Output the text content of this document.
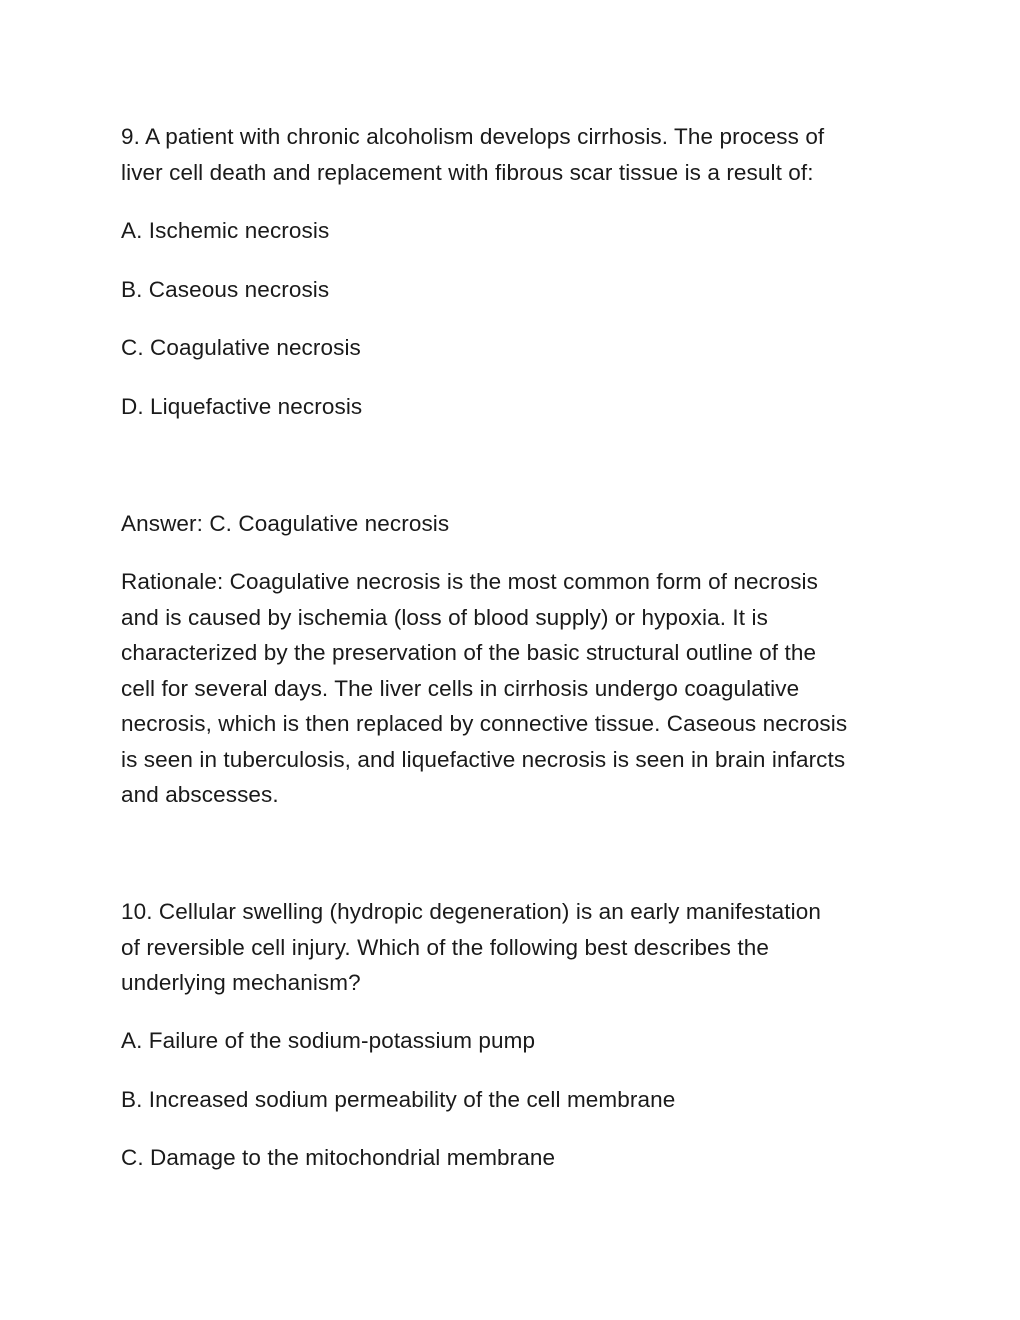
9. A patient with chronic alcoholism develops cirrhosis. The process of
liver cell death and replacement with fibrous scar tissue is a result of:
A. Ischemic necrosis
B. Caseous necrosis
C. Coagulative necrosis
D. Liquefactive necrosis
Answer: C. Coagulative necrosis
Rationale: Coagulative necrosis is the most common form of necrosis
and is caused by ischemia (loss of blood supply) or hypoxia. It is
characterized by the preservation of the basic structural outline of the
cell for several days. The liver cells in cirrhosis undergo coagulative
necrosis, which is then replaced by connective tissue. Caseous necrosis
is seen in tuberculosis, and liquefactive necrosis is seen in brain infarcts
and abscesses.
10. Cellular swelling (hydropic degeneration) is an early manifestation
of reversible cell injury. Which of the following best describes the
underlying mechanism?
A. Failure of the sodium-potassium pump
B. Increased sodium permeability of the cell membrane
C. Damage to the mitochondrial membrane
